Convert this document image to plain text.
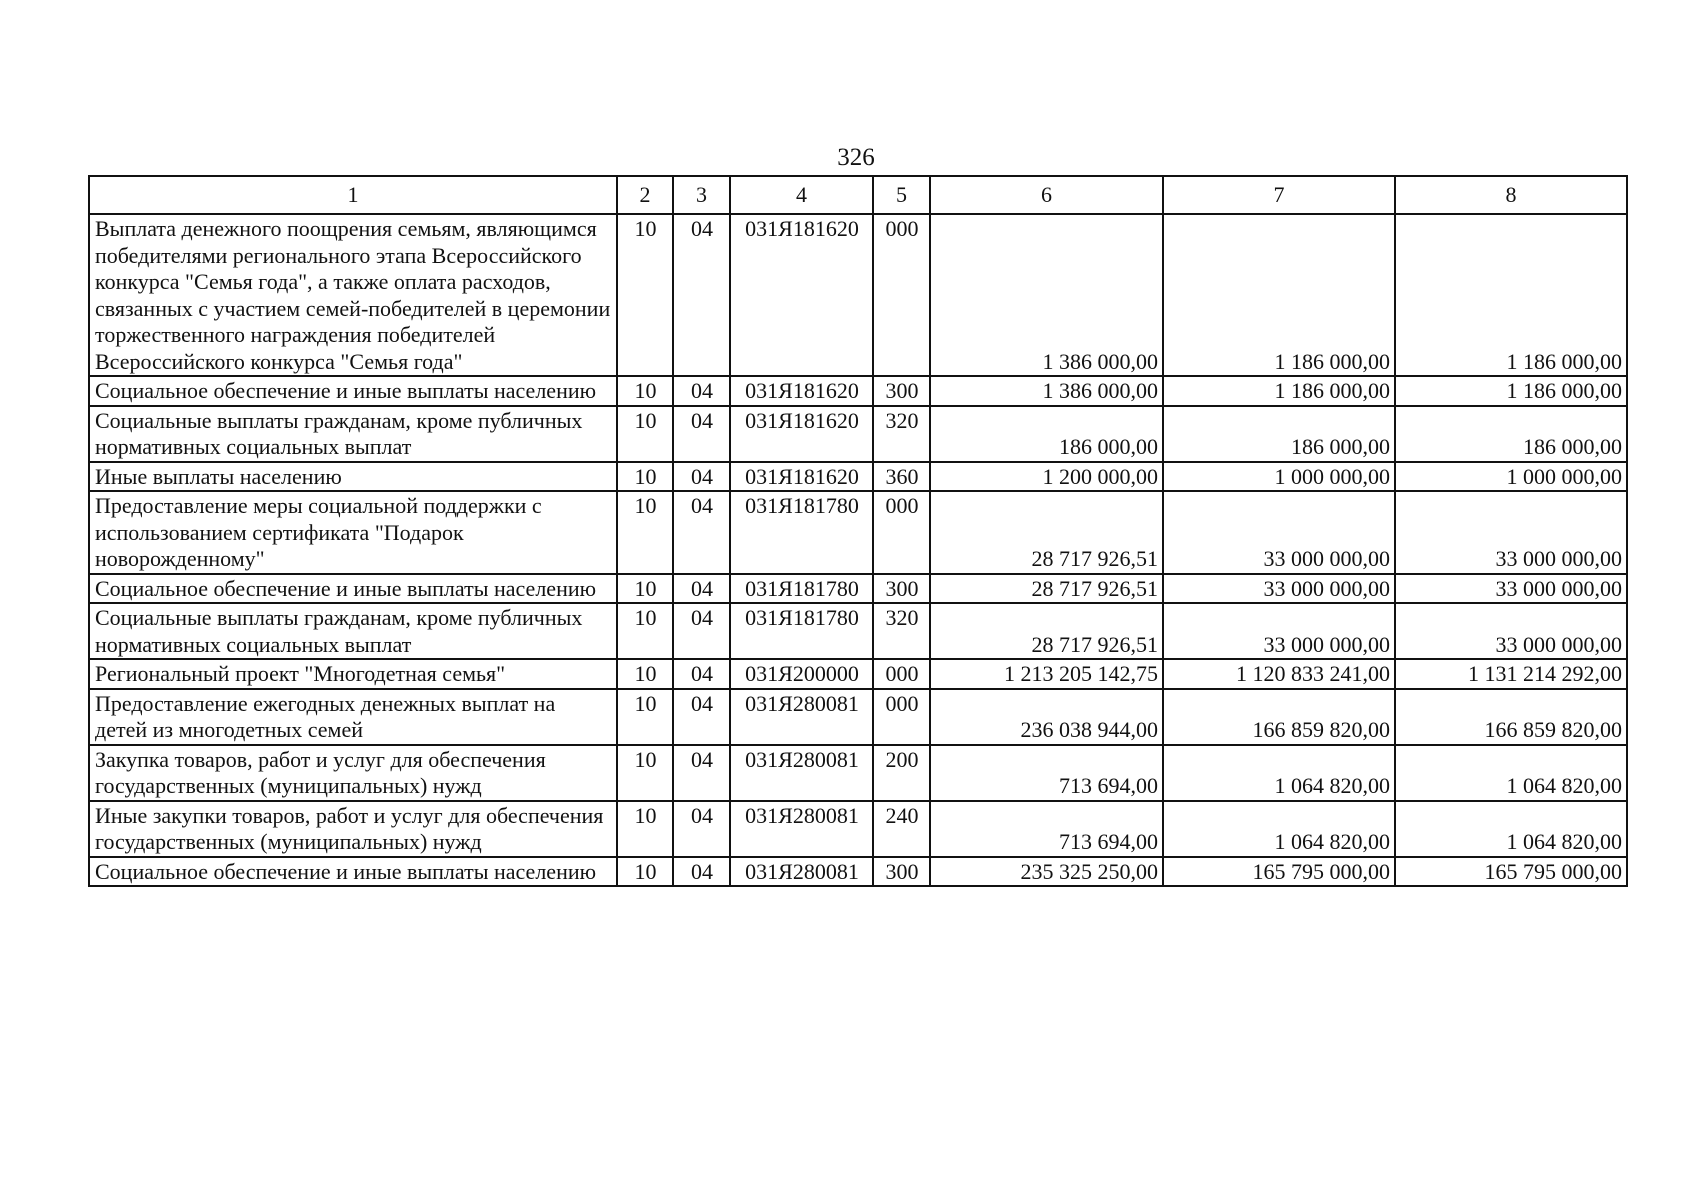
326
1	2	3	4	5	6	7	8
Выплата денежного поощрения семьям, являющимся победителями регионального этапа Всероссийского конкурса "Семья года", а также оплата расходов, связанных с участием семей-победителей в церемонии торжественного награждения победителей Всероссийского конкурса "Семья года"	10	04	031Я181620	000	1 386 000,00	1 186 000,00	1 186 000,00
Социальное обеспечение и иные выплаты населению	10	04	031Я181620	300	1 386 000,00	1 186 000,00	1 186 000,00
Социальные выплаты гражданам, кроме публичных нормативных социальных выплат	10	04	031Я181620	320	186 000,00	186 000,00	186 000,00
Иные выплаты населению	10	04	031Я181620	360	1 200 000,00	1 000 000,00	1 000 000,00
Предоставление меры социальной поддержки с использованием сертификата "Подарок новорожденному"	10	04	031Я181780	000	28 717 926,51	33 000 000,00	33 000 000,00
Социальное обеспечение и иные выплаты населению	10	04	031Я181780	300	28 717 926,51	33 000 000,00	33 000 000,00
Социальные выплаты гражданам, кроме публичных нормативных социальных выплат	10	04	031Я181780	320	28 717 926,51	33 000 000,00	33 000 000,00
Региональный проект "Многодетная семья"	10	04	031Я200000	000	1 213 205 142,75	1 120 833 241,00	1 131 214 292,00
Предоставление ежегодных денежных выплат на детей из многодетных семей	10	04	031Я280081	000	236 038 944,00	166 859 820,00	166 859 820,00
Закупка товаров, работ и услуг для обеспечения государственных (муниципальных) нужд	10	04	031Я280081	200	713 694,00	1 064 820,00	1 064 820,00
Иные закупки товаров, работ и услуг для обеспечения государственных (муниципальных) нужд	10	04	031Я280081	240	713 694,00	1 064 820,00	1 064 820,00
Социальное обеспечение и иные выплаты населению	10	04	031Я280081	300	235 325 250,00	165 795 000,00	165 795 000,00
